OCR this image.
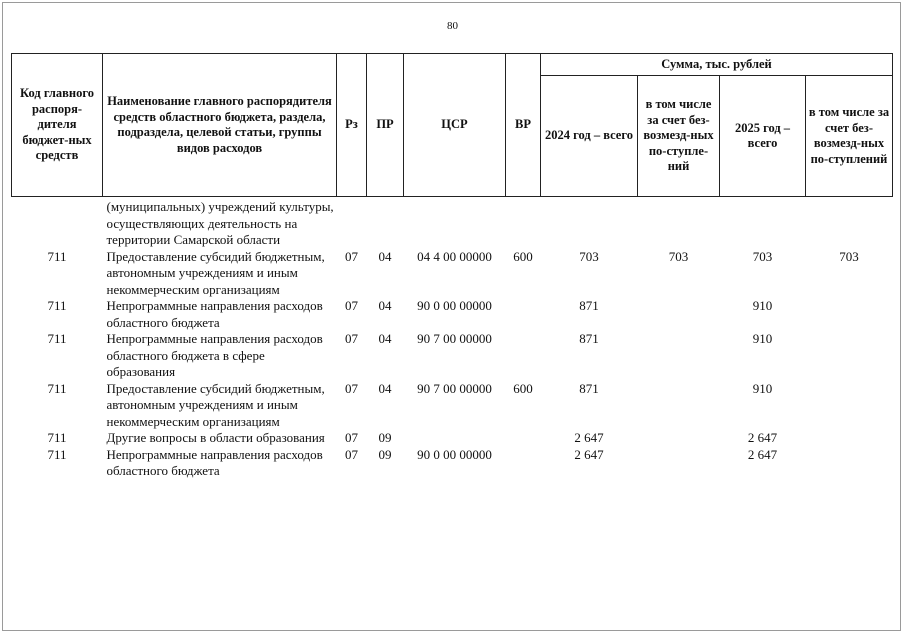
80
Код главного распоря-дителя бюджет-ных средств	Наименование главного распорядителя средств областного бюджета, раздела, подраздела, целевой статьи, группы видов расходов	Рз	ПР	ЦСР	ВР	Сумма, тыс. рублей			
						2024 год – всего	в том числе за счет без-возмезд-ных по-ступле-ний	2025 год – всего	в том числе за счет без-возмезд-ных по-ступлений
	(муниципальных) учреждений культуры, осуществляющих деятельность на территории Самарской области								
711	Предоставление субсидий бюджетным, автономным учреждениям и иным некоммерческим организациям	07	04	04 4 00 00000	600	703	703	703	703
711	Непрограммные направления расходов областного бюджета	07	04	90 0 00 00000		871		910	
711	Непрограммные направления расходов областного бюджета в сфере образования	07	04	90 7 00 00000		871		910	
711	Предоставление субсидий бюджетным, автономным учреждениям и иным некоммерческим организациям	07	04	90 7 00 00000	600	871		910	
711	Другие вопросы в области образования	07	09			2 647		2 647	
711	Непрограммные направления расходов областного бюджета	07	09	90 0 00 00000		2 647		2 647	
